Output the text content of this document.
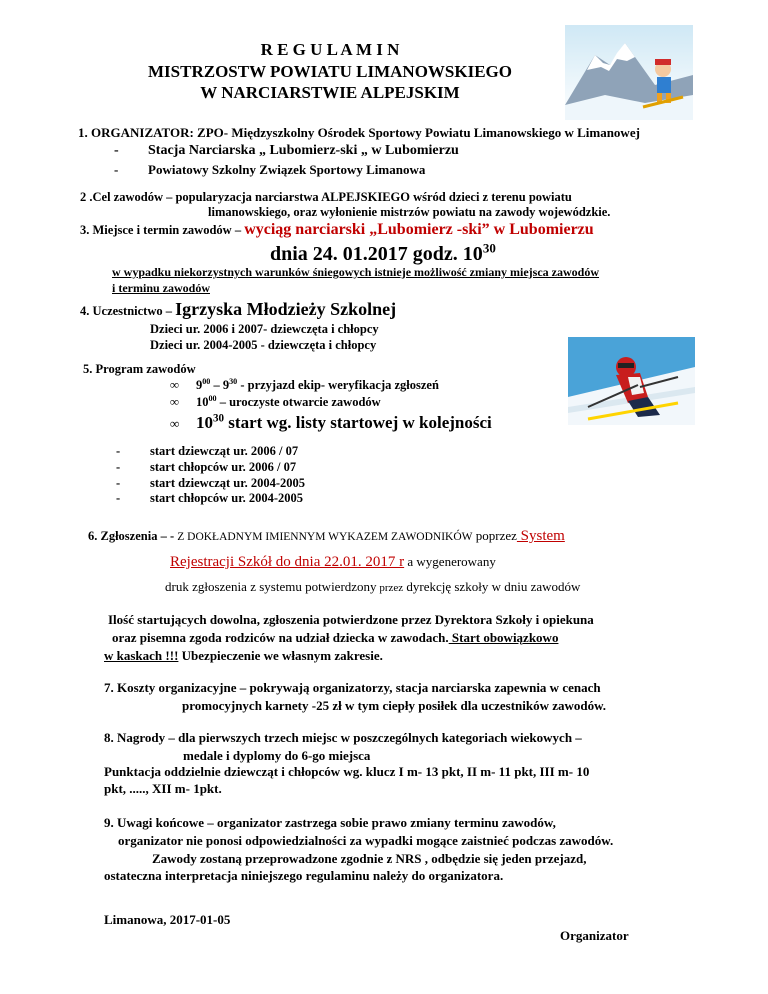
R E G U L A M I N
MISTRZOSTW POWIATU LIMANOWSKIEGO
W NARCIARSTWIE ALPEJSKIM
1. ORGANIZATOR: ZPO- Międzyszkolny Ośrodek Sportowy Powiatu Limanowskiego w Limanowej
- Stacja Narciarska „ Lubomierz-ski „ w Lubomierzu
- Powiatowy Szkolny Związek Sportowy Limanowa
2 .Cel zawodów – popularyzacja narciarstwa ALPEJSKIEGO wśród dzieci z terenu powiatu
limanowskiego, oraz wyłonienie mistrzów powiatu na zawody wojewódzkie.
3. Miejsce i termin zawodów – wyciąg narciarski „Lubomierz -ski” w Lubomierzu
dnia 24. 01.2017 godz. $10^{30}$
w wypadku niekorzystnych warunków śniegowych istnieje możliwość zmiany miejsca zawodów
i terminu zawodów
4. Uczestnictwo – Igrzyska Młodzieży Szkolnej
Dzieci ur. 2006 i 2007- dziewczęta i chłopcy
Dzieci ur. 2004-2005 - dziewczęta i chłopcy
5. Program zawodów
∞ $9^{00} - 9^{30}$ - przyjazd ekip- weryfikacja zgłoszeń
∞ $10^{00}$ – uroczyste otwarcie zawodów
∞ $10^{30}$ start wg. listy startowej w kolejności
- start dziewcząt ur. 2006 / 07
- start chłopców ur. 2006 / 07
- start dziewcząt ur. 2004-2005
- start chłopców ur. 2004-2005
6. Zgłoszenia – - Z DOKŁADNYM IMIENNYM WYKAZEM ZAWODNIKÓW poprzez System
Rejestracji Szkół do dnia 22.01. 2017 r a wygenerowany
druk zgłoszenia z systemu potwierdzony przez dyrekcję szkoły w dniu zawodów
Ilość startujących dowolna, zgłoszenia potwierdzone przez Dyrektora Szkoły i opiekuna
oraz pisemna zgoda rodziców na udział dziecka w zawodach. Start obowiązkowo
w kaskach !!! Ubezpieczenie we własnym zakresie.
7. Koszty organizacyjne – pokrywają organizatorzy, stacja narciarska zapewnia w cenach
promocyjnych karnety -25 zł w tym ciepły posiłek dla uczestników zawodów.
8. Nagrody – dla pierwszych trzech miejsc w poszczególnych kategoriach wiekowych –
medale i dyplomy do 6-go miejsca
Punktacja oddzielnie dziewcząt i chłopców wg. klucz I m- 13 pkt, II m- 11 pkt, III m- 10
pkt, ....., XII m- 1pkt.
9. Uwagi końcowe – organizator zastrzega sobie prawo zmiany terminu zawodów,
organizator nie ponosi odpowiedzialności za wypadki mogące zaistnieć podczas zawodów.
Zawody zostaną przeprowadzone zgodnie z NRS , odbędzie się jeden przejazd,
ostateczna interpretacja niniejszego regulaminu należy do organizatora.
Limanowa, 2017-01-05
Organizator
